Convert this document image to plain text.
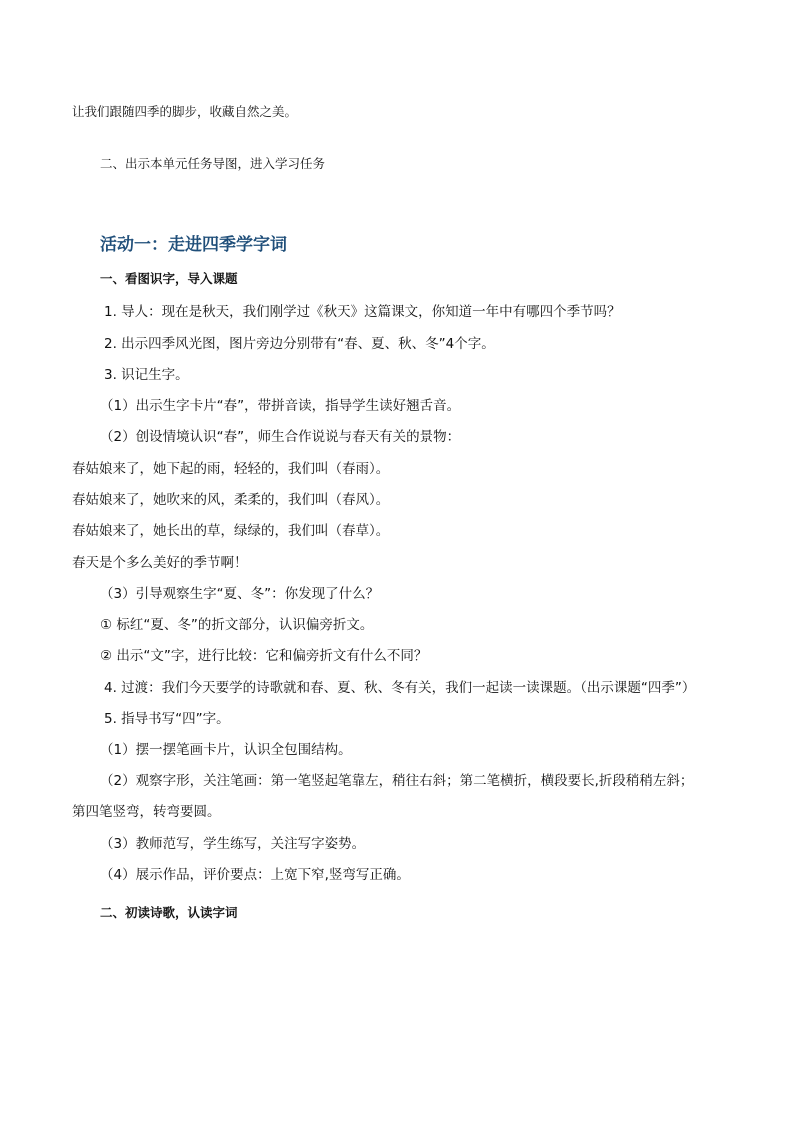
让我们跟随四季的脚步，收藏自然之美。
二、出示本单元任务导图，进入学习任务
活动一：走进四季学字词
一、看图识字，导入课题
1. 导人：现在是秋天，我们刚学过《秋天》这篇课文，你知道一年中有哪四个季节吗？
2. 出示四季风光图，图片旁边分别带有“春、夏、秋、冬”4个字。
3. 识记生字。
（1）出示生字卡片“春”，带拼音读，指导学生读好翘舌音。
（2）创设情境认识“春”，师生合作说说与春天有关的景物：
春姑娘来了，她下起的雨，轻轻的，我们叫（春雨）。
春姑娘来了，她吹来的风，柔柔的，我们叫（春风）。
春姑娘来了，她长出的草，绿绿的，我们叫（春草）。
春天是个多么美好的季节啊！
（3）引导观察生字“夏、冬”：你发现了什么？
① 标红“夏、冬”的折文部分，认识偏旁折文。
② 出示“文”字，进行比较：它和偏旁折文有什么不同？
4. 过渡：我们今天要学的诗歌就和春、夏、秋、冬有关，我们一起读一读课题。（出示课题“四季”）
5. 指导书写“四”字。
（1）摆一摆笔画卡片，认识全包围结构。
（2）观察字形，关注笔画：第一笔竖起笔靠左，稍往右斜；第二笔横折，横段要长,折段稍稍左斜；
第四笔竖弯，转弯要圆。
（3）教师范写，学生练写，关注写字姿势。
（4）展示作品，评价要点：上宽下窄,竖弯写正确。
二、初读诗歌，认读字词
